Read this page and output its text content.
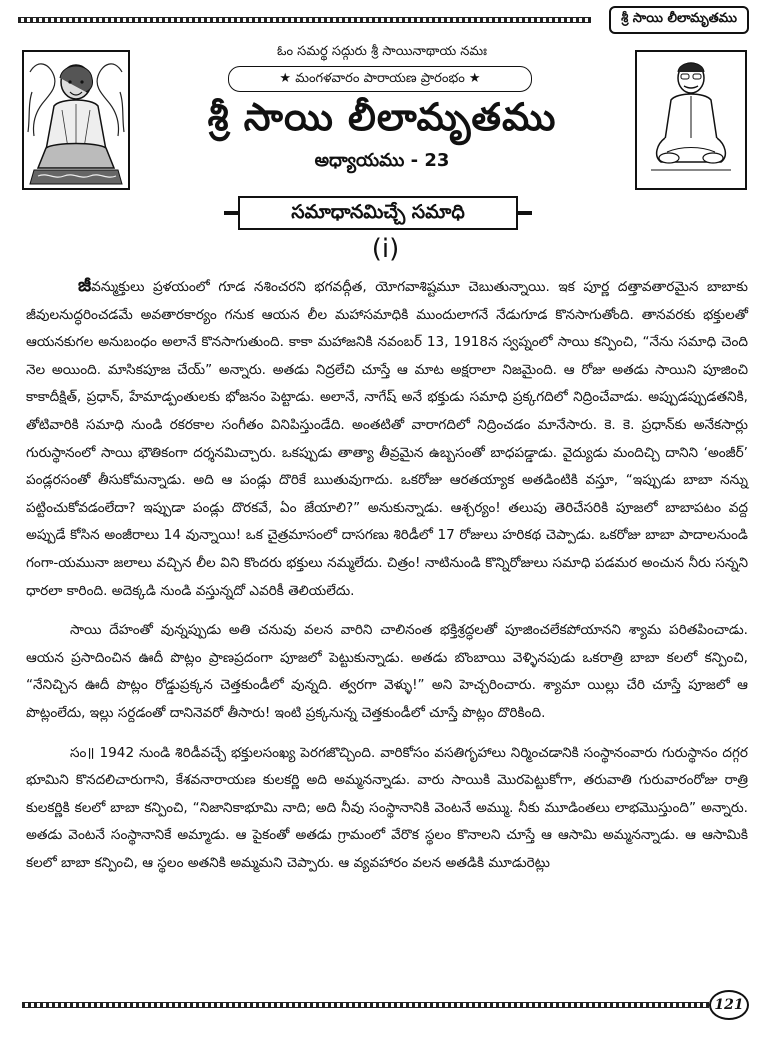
శ్రీ సాయి లీలామృతము
ఓం సమర్థ సద్గురు శ్రీ సాయినాథాయ నమః
★ మంగళవారం పారాయణ ప్రారంభం ★
శ్రీ సాయి లీలామృతము
అధ్యాయము - 23
సమాధానమిచ్చే సమాధి
(i)

జీవన్ముక్తులు ప్రళయంలో గూడ నశించరని భగవద్గీత, యోగవాశిష్టమూ చెబుతున్నాయి. ఇక పూర్ణ దత్తావతారమైన బాబాకు జీవులనుద్ధరించడమే అవతారకార్యం గనుక ఆయన లీల మహాసమాధికి ముందులాగనే నేడుగూడ కొనసాగుతోంది. తానవరకు భక్తులతో ఆయనకుగల అనుబంధం అలానే కొనసాగుతుంది. కాకా మహాజనికి నవంబర్ 13, 1918న స్వప్నంలో సాయి కన్పించి, “నేను సమాధి చెంది నెల అయింది. మాసికపూజ చేయ్” అన్నారు. అతడు నిద్రలేచి చూస్తే ఆ మాట అక్షరాలా నిజమైంది. ఆ రోజు అతడు సాయిని పూజించి కాకాదీక్షిత్, ప్రధాన్, హేమాడ్పంతులకు భోజనం పెట్టాడు. అలానే, నాగేష్ అనే భక్తుడు సమాధి ప్రక్కగదిలో నిద్రించేవాడు. అప్పుడప్పుడతనికి, తోటివారికి సమాధి నుండి రకరకాల సంగీతం వినిపిస్తుండేది. అంతటితో వారాగదిలో నిద్రించడం మానేసారు. కె. కె. ప్రధాన్‌కు అనేకసార్లు గురుస్థానంలో సాయి భౌతికంగా దర్శనమిచ్చారు. ఒకప్పుడు తాత్యా తీవ్రమైన ఉబ్బసంతో బాధపడ్డాడు. వైద్యుడు మందిచ్చి దానిని ‘అంజీర్’ పండ్లరసంతో తీసుకోమన్నాడు. అది ఆ పండ్లు దొరికే ఋతువుగాదు. ఒకరోజు ఆరతయ్యాక అతడింటికి వస్తూ, “ఇప్పుడు బాబా నన్ను పట్టించుకోవడంలేదా? ఇప్పుడా పండ్లు దొరకవే, ఏం జేయాలి?” అనుకున్నాడు. ఆశ్చర్యం! తలుపు తెరిచేసరికి పూజలో బాబాపటం వద్ద అప్పుడే కోసిన అంజీరాలు 14 వున్నాయి! ఒక చైత్రమాసంలో దాసగణు శిరిడీలో 17 రోజులు హరికథ చెప్పాడు. ఒకరోజు బాబా పాదాలనుండి గంగా-యమునా జలాలు వచ్చిన లీల విని కొందరు భక్తులు నమ్మలేదు. చిత్రం! నాటినుండి కొన్నిరోజులు సమాధి పడమర అంచున నీరు సన్నని ధారలా కారింది. అదెక్కడి నుండి వస్తున్నదో ఎవరికీ తెలియలేదు.

సాయి దేహంతో వున్నప్పుడు అతి చనువు వలన వారిని చాలినంత భక్తిశ్రద్ధలతో పూజించలేకపోయానని శ్యామ పరితపించాడు. ఆయన ప్రసాదించిన ఊదీ పొట్లం ప్రాణప్రదంగా పూజలో పెట్టుకున్నాడు. అతడు బొంబాయి వెళ్ళినపుడు ఒకరాత్రి బాబా కలలో కన్పించి, “నేనిచ్చిన ఊదీ పొట్లం రోడ్డుప్రక్కన చెత్తకుండీలో వున్నది. త్వరగా వెళ్ళు!” అని హెచ్చరించారు. శ్యామా యిల్లు చేరి చూస్తే పూజలో ఆ పొట్లంలేదు, ఇల్లు సర్దడంతో దానినెవరో తీసారు! ఇంటి ప్రక్కనున్న చెత్తకుండీలో చూస్తే పొట్లం దొరికింది.

సం॥ 1942 నుండి శిరిడీవచ్చే భక్తులసంఖ్య పెరగజొచ్చింది. వారికోసం వసతిగృహాలు నిర్మించడానికి సంస్థానంవారు గురుస్థానం దగ్గర భూమిని కొనదలిచారుగాని, కేశవనారాయణ కులకర్ణి అది అమ్మనన్నాడు. వారు సాయికి మొరపెట్టుకోగా, తరువాతి గురువారంరోజు రాత్రి కులకర్ణికి కలలో బాబా కన్పించి, “నిజానికాభూమి నాది; అది నీవు సంస్థానానికి వెంటనే అమ్ము. నీకు మూడింతలు లాభమొస్తుంది” అన్నారు. అతడు వెంటనే సంస్థానానికే అమ్మాడు. ఆ పైకంతో అతడు గ్రామంలో వేరొక స్థలం కొనాలని చూస్తే ఆ ఆసామి అమ్మనన్నాడు. ఆ ఆసామికి కలలో బాబా కన్పించి, ఆ స్థలం అతనికి అమ్మమని చెప్పారు. ఆ వ్యవహారం వలన అతడికి మూడురెట్లు

121
